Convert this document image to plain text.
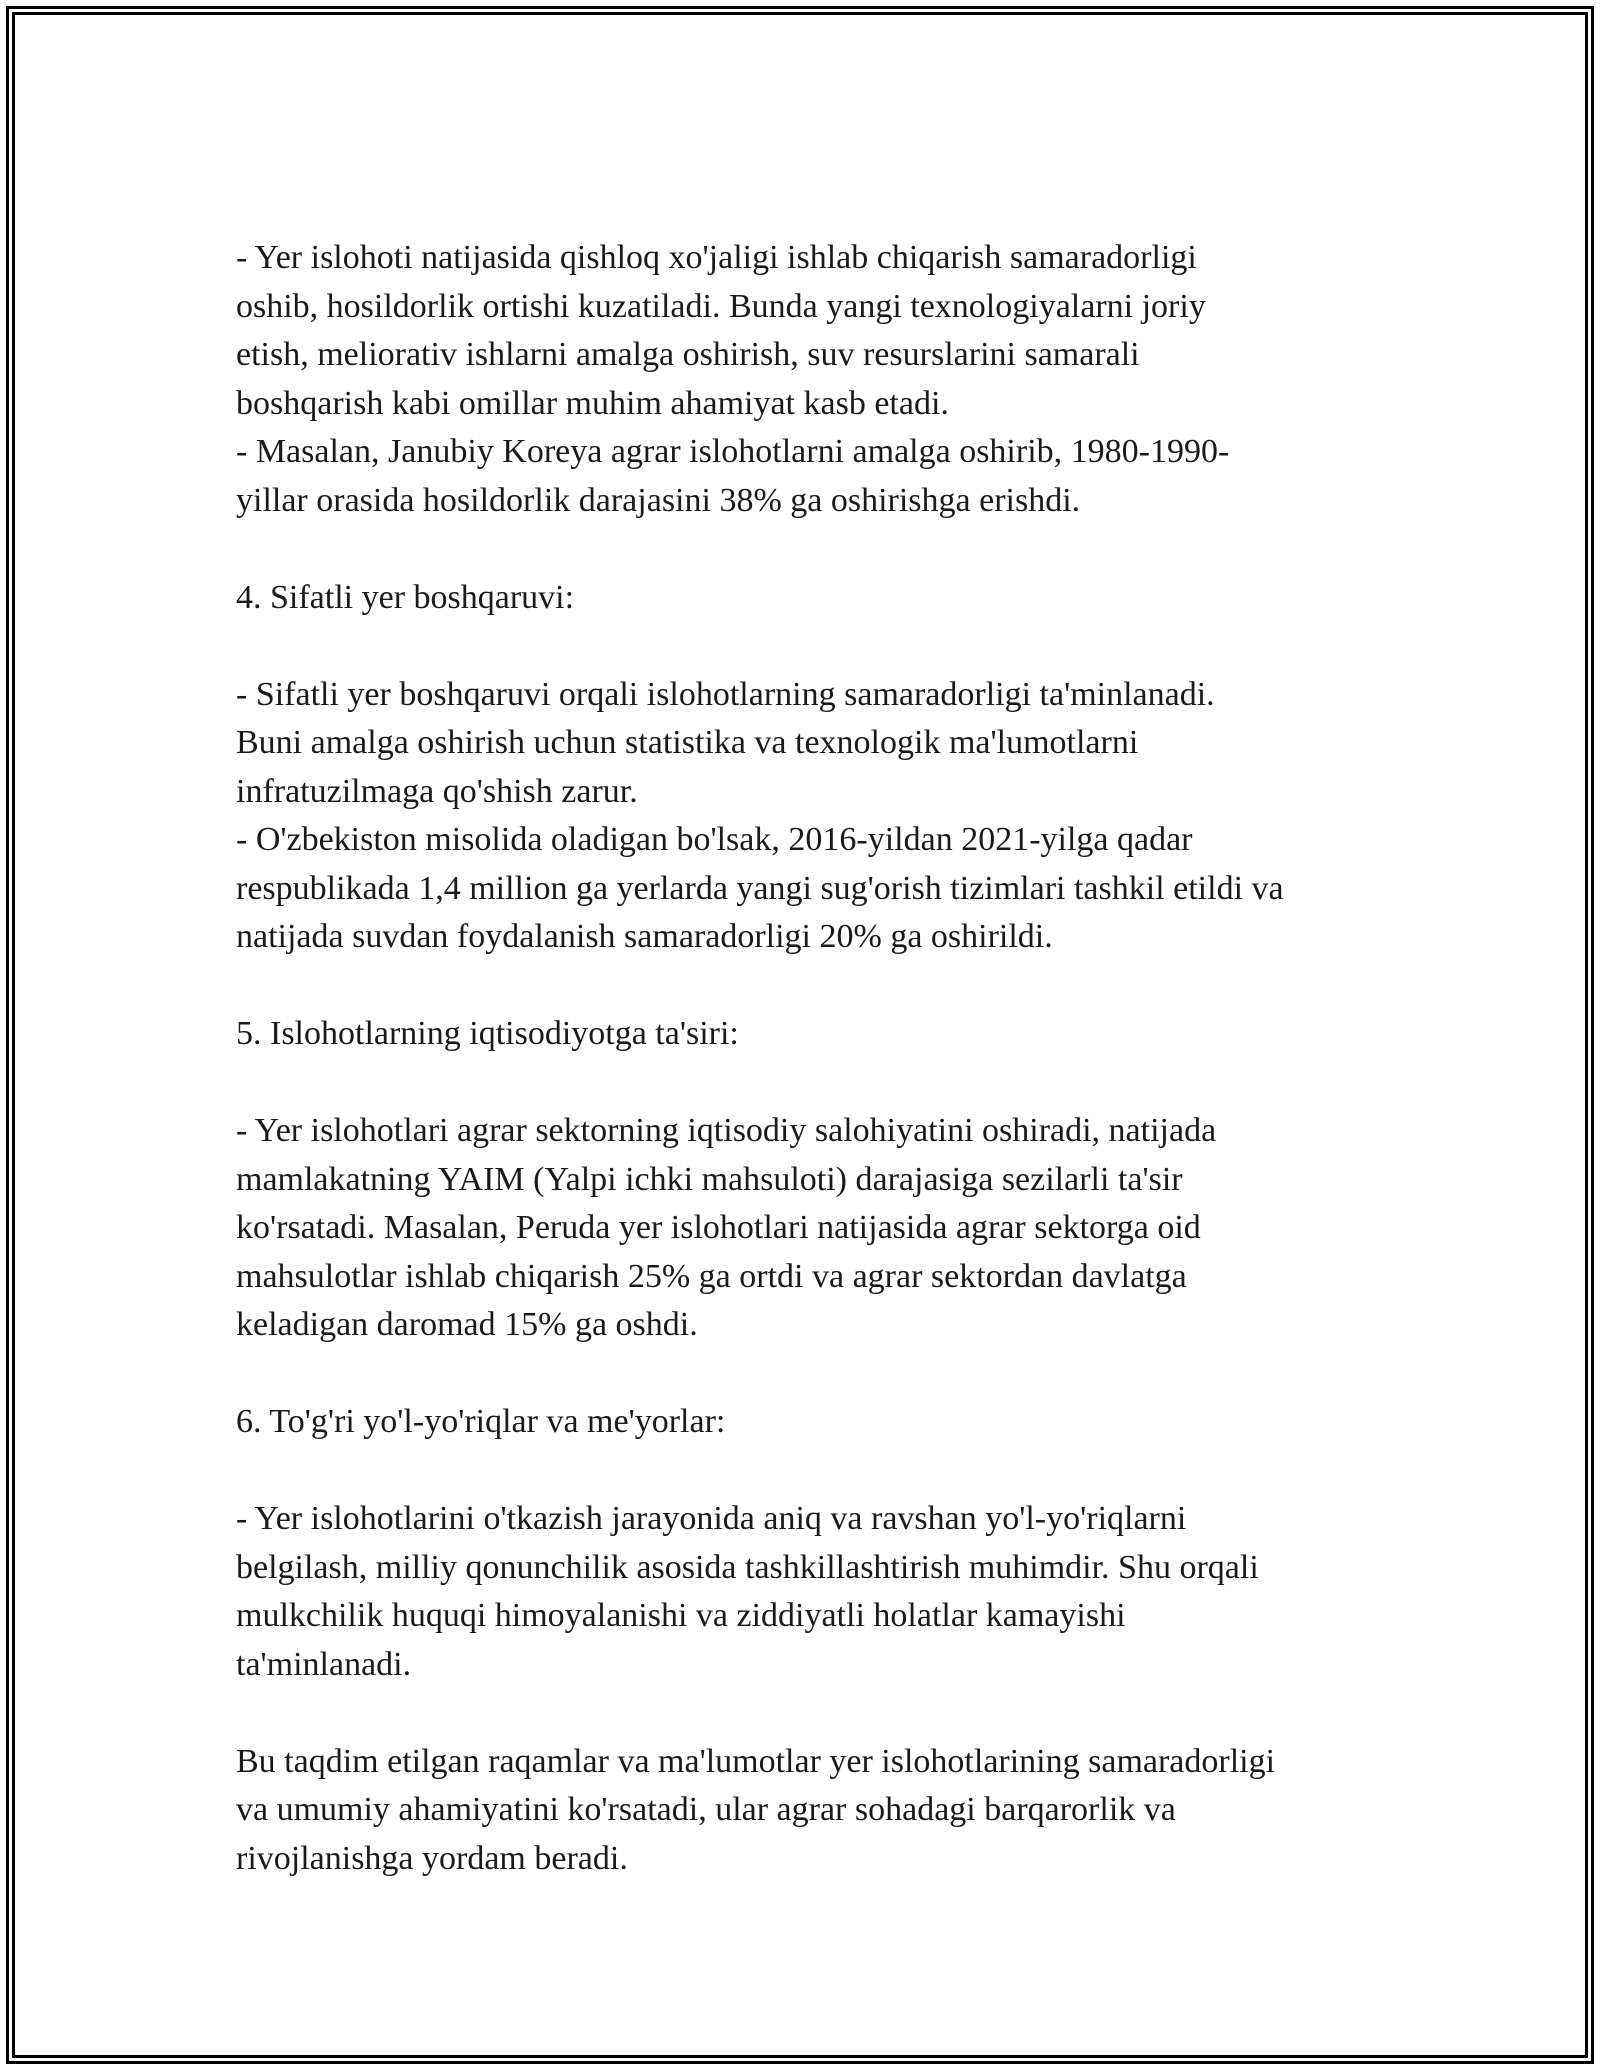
- Yer islohoti natijasida qishloq xo'jaligi ishlab chiqarish samaradorligi
oshib, hosildorlik ortishi kuzatiladi. Bunda yangi texnologiyalarni joriy
etish, meliorativ ishlarni amalga oshirish, suv resurslarini samarali
boshqarish kabi omillar muhim ahamiyat kasb etadi.
- Masalan, Janubiy Koreya agrar islohotlarni amalga oshirib, 1980-1990-
yillar orasida hosildorlik darajasini 38% ga oshirishga erishdi.

4. Sifatli yer boshqaruvi:

- Sifatli yer boshqaruvi orqali islohotlarning samaradorligi ta'minlanadi.
Buni amalga oshirish uchun statistika va texnologik ma'lumotlarni
infratuzilmaga qo'shish zarur.
- O'zbekiston misolida oladigan bo'lsak, 2016-yildan 2021-yilga qadar
respublikada 1,4 million ga yerlarda yangi sug'orish tizimlari tashkil etildi va
natijada suvdan foydalanish samaradorligi 20% ga oshirildi.

5. Islohotlarning iqtisodiyotga ta'siri:

- Yer islohotlari agrar sektorning iqtisodiy salohiyatini oshiradi, natijada
mamlakatning YAIM (Yalpi ichki mahsuloti) darajasiga sezilarli ta'sir
ko'rsatadi. Masalan, Peruda yer islohotlari natijasida agrar sektorga oid
mahsulotlar ishlab chiqarish 25% ga ortdi va agrar sektordan davlatga
keladigan daromad 15% ga oshdi.

6. To'g'ri yo'l-yo'riqlar va me'yorlar:

- Yer islohotlarini o'tkazish jarayonida aniq va ravshan yo'l-yo'riqlarni
belgilash, milliy qonunchilik asosida tashkillashtirish muhimdir. Shu orqali
mulkchilik huquqi himoyalanishi va ziddiyatli holatlar kamayishi
ta'minlanadi.

Bu taqdim etilgan raqamlar va ma'lumotlar yer islohotlarining samaradorligi
va umumiy ahamiyatini ko'rsatadi, ular agrar sohadagi barqarorlik va
rivojlanishga yordam beradi.
